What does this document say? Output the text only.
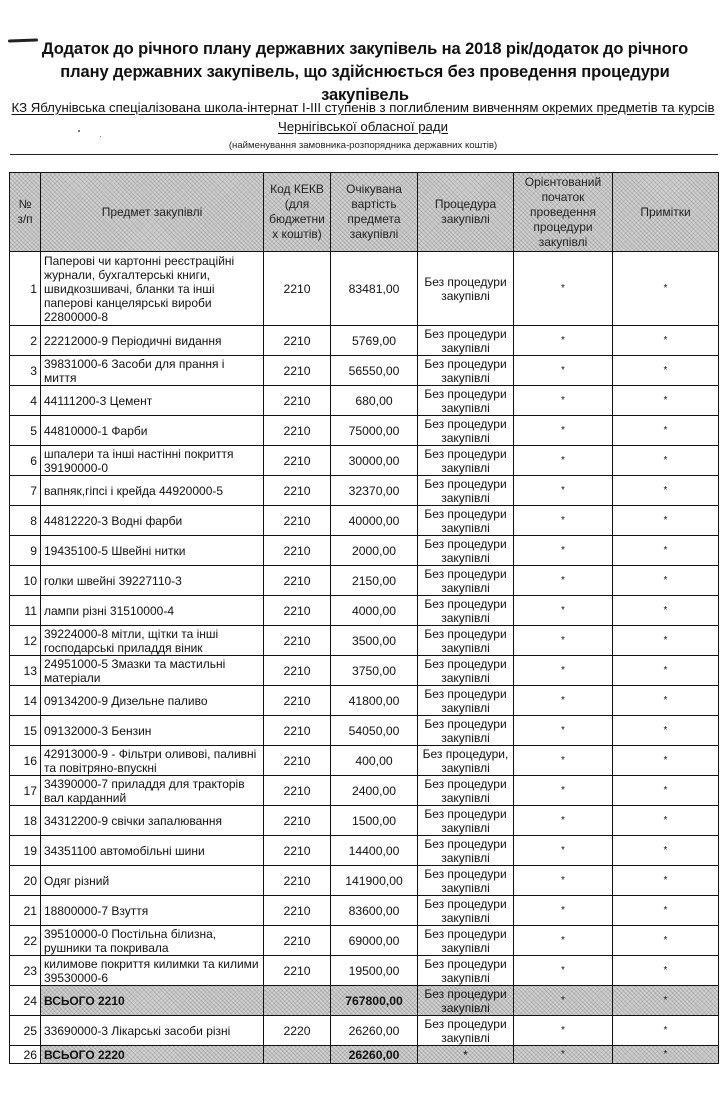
Додаток до річного плану державних закупівель на 2018 рік/додаток до річного плану державних закупівель, що здійснюється без проведення процедури закупівель
КЗ Яблунівська спеціалізована школа-інтернат І-ІІІ ступенів з поглибленим вивченням окремих предметів та курсів
Чернігівської обласної ради
(найменування замовника-розпорядника державних коштів)
№ з/п	Предмет закупівлі	Код КЕКВ (для бюджетни х коштів)	Очікувана вартість предмета закупівлі	Процедура закупівлі	Орієнтований початок проведення процедури закупівлі	Примітки
1	Паперові чи картонні реєстраційні журнали, бухгалтерські книги, швидкозшивачі, бланки та інші паперові канцелярські вироби 22800000-8	2210	83481,00	Без процедури закупівлі	*	*
2	22212000-9 Періодичні видання	2210	5769,00	Без процедури закупівлі	*	*
3	39831000-6 Засоби для прання і миття	2210	56550,00	Без процедури закупівлі	*	*
4	44111200-3 Цемент	2210	680,00	Без процедури закупівлі	*	*
5	44810000-1 Фарби	2210	75000,00	Без процедури закупівлі	*	*
6	шпалери та інші настінні покриття 39190000-0	2210	30000,00	Без процедури закупівлі	*	*
7	вапняк,гіпсі і крейда 44920000-5	2210	32370,00	Без процедури закупівлі	*	*
8	44812220-3 Водні фарби	2210	40000,00	Без процедури закупівлі	*	*
9	19435100-5 Швейні нитки	2210	2000,00	Без процедури закупівлі	*	*
10	голки швейні 39227110-3	2210	2150,00	Без процедури закупівлі	*	*
11	лампи різні 31510000-4	2210	4000,00	Без процедури закупівлі	*	*
12	39224000-8 мітли, щітки та інші господарські приладдя віник	2210	3500,00	Без процедури закупівлі	*	*
13	24951000-5 Змазки та мастильні матеріали	2210	3750,00	Без процедури закупівлі	*	*
14	09134200-9 Дизельне паливо	2210	41800,00	Без процедури закупівлі	*	*
15	09132000-3 Бензин	2210	54050,00	Без процедури закупівлі	*	*
16	42913000-9 - Фільтри оливові, паливні та повітряно-впускні	2210	400,00	Без процедури, закупівлі	*	*
17	34390000-7 приладдя для тракторів вал карданний	2210	2400,00	Без процедури закупівлі	*	*
18	34312200-9 свічки запалювання	2210	1500,00	Без процедури закупівлі	*	*
19	34351100 автомобільні шини	2210	14400,00	Без процедури закупівлі	*	*
20	Одяг різний	2210	141900,00	Без процедури закупівлі	*	*
21	18800000-7 Взуття	2210	83600,00	Без процедури закупівлі	*	*
22	39510000-0 Постільна білизна, рушники та покривала	2210	69000,00	Без процедури закупівлі	*	*
23	килимове покриття килимки та килими 39530000-6	2210	19500,00	Без процедури закупівлі	*	*
24	ВСЬОГО 2210		767800,00	Без процедури закупівлі	*	*
25	33690000-3 Лікарські засоби різні	2220	26260,00	Без процедури закупівлі	*	*
26	ВСЬОГО 2220		26260,00	*	*	*
